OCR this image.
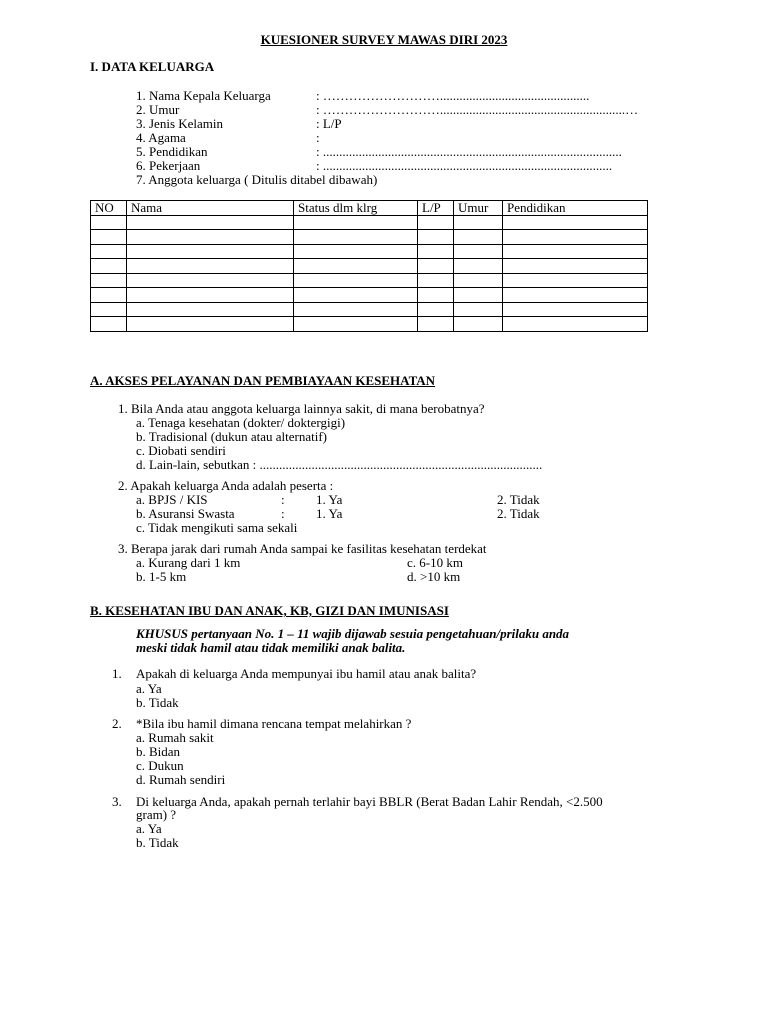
KUESIONER SURVEY MAWAS DIRI 2023
I. DATA KELUARGA
1. Nama Kepala Keluarga	: ………………………..............................................
2. Umur	: ……………………….........................................................…
3. Jenis Kelamin	: L/P
4. Agama	:
5. Pendidikan	: ............................................................................................
6. Pekerjaan	: .........................................................................................
7. Anggota keluarga ( Ditulis ditabel dibawah)
NO	Nama	Status dlm klrg	L/P	Umur	Pendidikan

A. AKSES PELAYANAN DAN PEMBIAYAAN KESEHATAN
1. Bila Anda atau anggota keluarga lainnya sakit, di mana berobatnya?
a. Tenaga kesehatan (dokter/ doktergigi)
b. Tradisional (dukun atau alternatif)
c. Diobati sendiri
d. Lain-lain, sebutkan : .......................................................................................
2. Apakah keluarga Anda adalah peserta :
a. BPJS / KIS	: 1. Ya	2. Tidak
b. Asuransi Swasta	: 1. Ya	2. Tidak
c. Tidak mengikuti sama sekali
3. Berapa jarak dari rumah Anda sampai ke fasilitas kesehatan terdekat
a. Kurang dari 1 km	c. 6-10 km
b. 1-5 km	d. >10 km
B. KESEHATAN IBU DAN ANAK, KB, GIZI DAN IMUNISASI
KHUSUS pertanyaan No. 1 – 11 wajib dijawab sesuia pengetahuan/prilaku anda
meski tidak hamil atau tidak memiliki anak balita.
1. Apakah di keluarga Anda mempunyai ibu hamil atau anak balita?
a. Ya
b. Tidak
2. *Bila ibu hamil dimana rencana tempat melahirkan ?
a. Rumah sakit
b. Bidan
c. Dukun
d. Rumah sendiri
3. Di keluarga Anda, apakah pernah terlahir bayi BBLR (Berat Badan Lahir Rendah, <2.500
gram) ?
a. Ya
b. Tidak
